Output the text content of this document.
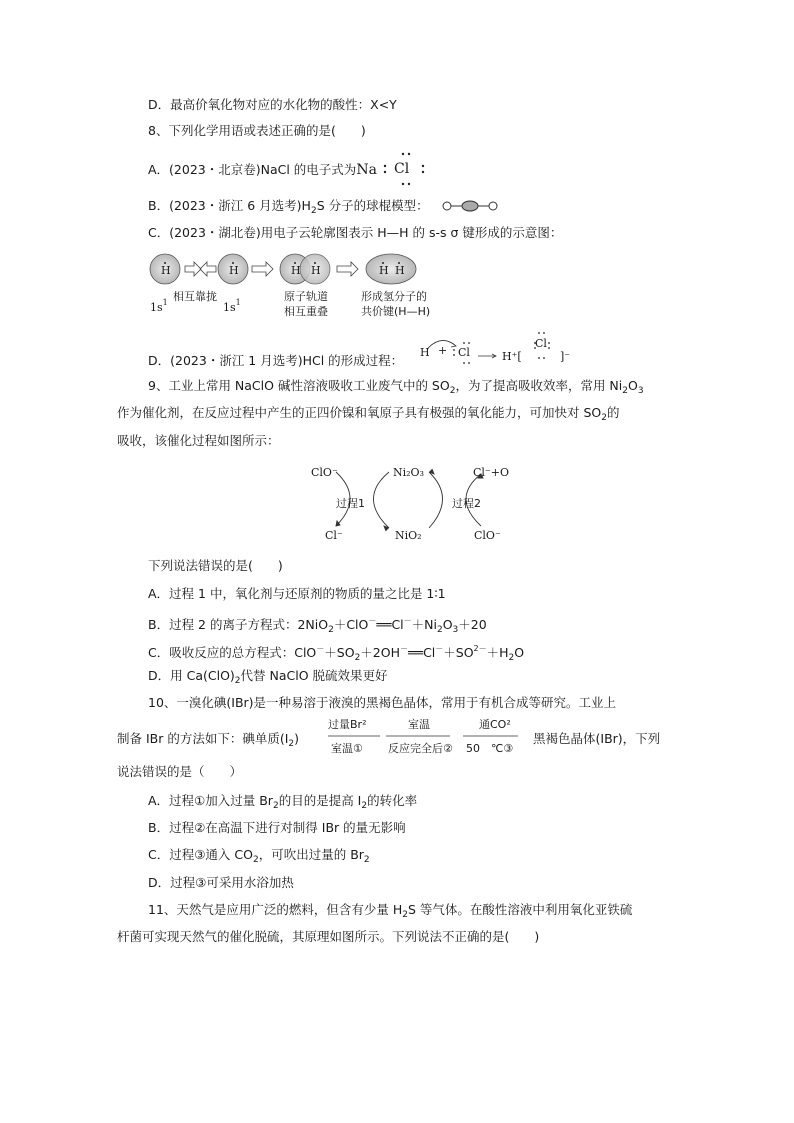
D．最高价氧化物对应的水化物的酸性：X<Y
8、下列化学用语或表述正确的是(　　)
A．(2023・北京卷)NaCl 的电子式为Na Cl
B．(2023・浙江 6 月选考)$H_2S$ 分子的球棍模型：
C．(2023・湖北卷)用电子云轮廓图表示 H—H 的 s-s σ 键形成的示意图：
H	H	H H	H H
$1s^1$ 相互靠拢
$1s^1$	原子轨道
相互重叠
形成氢分子的
共价键(H—H)
D．(2023・浙江 1 月选考)HCl 的形成过程：
H + Cl	H⁺[
Cl
]⁻
9、工业上常用 NaClO 碱性溶液吸收工业废气中的 $SO_2$，为了提高吸收效率，常用 $Ni_2O_3$
作为催化剂，在反应过程中产生的正四价镍和氧原子具有极强的氧化能力，可加快对 $SO_2$的
吸收，该催化过程如图所示：
ClO⁻	Ni₂O₃	Cl⁻+O
过程1	过程2
Cl⁻	NiO₂	ClO⁻
下列说法错误的是(　　)
A．过程 1 中，氧化剂与还原剂的物质的量之比是 1∶1
B．过程 2 的离子方程式：$2NiO_2+ClO^-══Cl^-+Ni_2O_3+20$
C．吸收反应的总方程式：$ClO^-+SO_2+2OH^-══Cl^-+SO^{2-}+H_2O$
D．用 $Ca(ClO)_2$代替 NaClO 脱硫效果更好
10、一溴化碘(IBr)是一种易溶于液溴的黑褐色晶体，常用于有机合成等研究。工业上
制备 IBr 的方法如下：碘单质$(I_2)$
过量Br²
室温①
室温
反应完全后②
通CO²
50　℃③
黑褐色晶体(IBr)，下列
说法错误的是（　　）
A．过程①加入过量 $Br_2$的目的是提高 $I_2$的转化率
B．过程②在高温下进行对制得 IBr 的量无影响
C．过程③通入 $CO_2$，可吹出过量的 $Br_2$
D．过程③可采用水浴加热
11、天然气是应用广泛的燃料，但含有少量 $H_2S$ 等气体。在酸性溶液中利用氧化亚铁硫
杆菌可实现天然气的催化脱硫，其原理如图所示。下列说法不正确的是(　　)
